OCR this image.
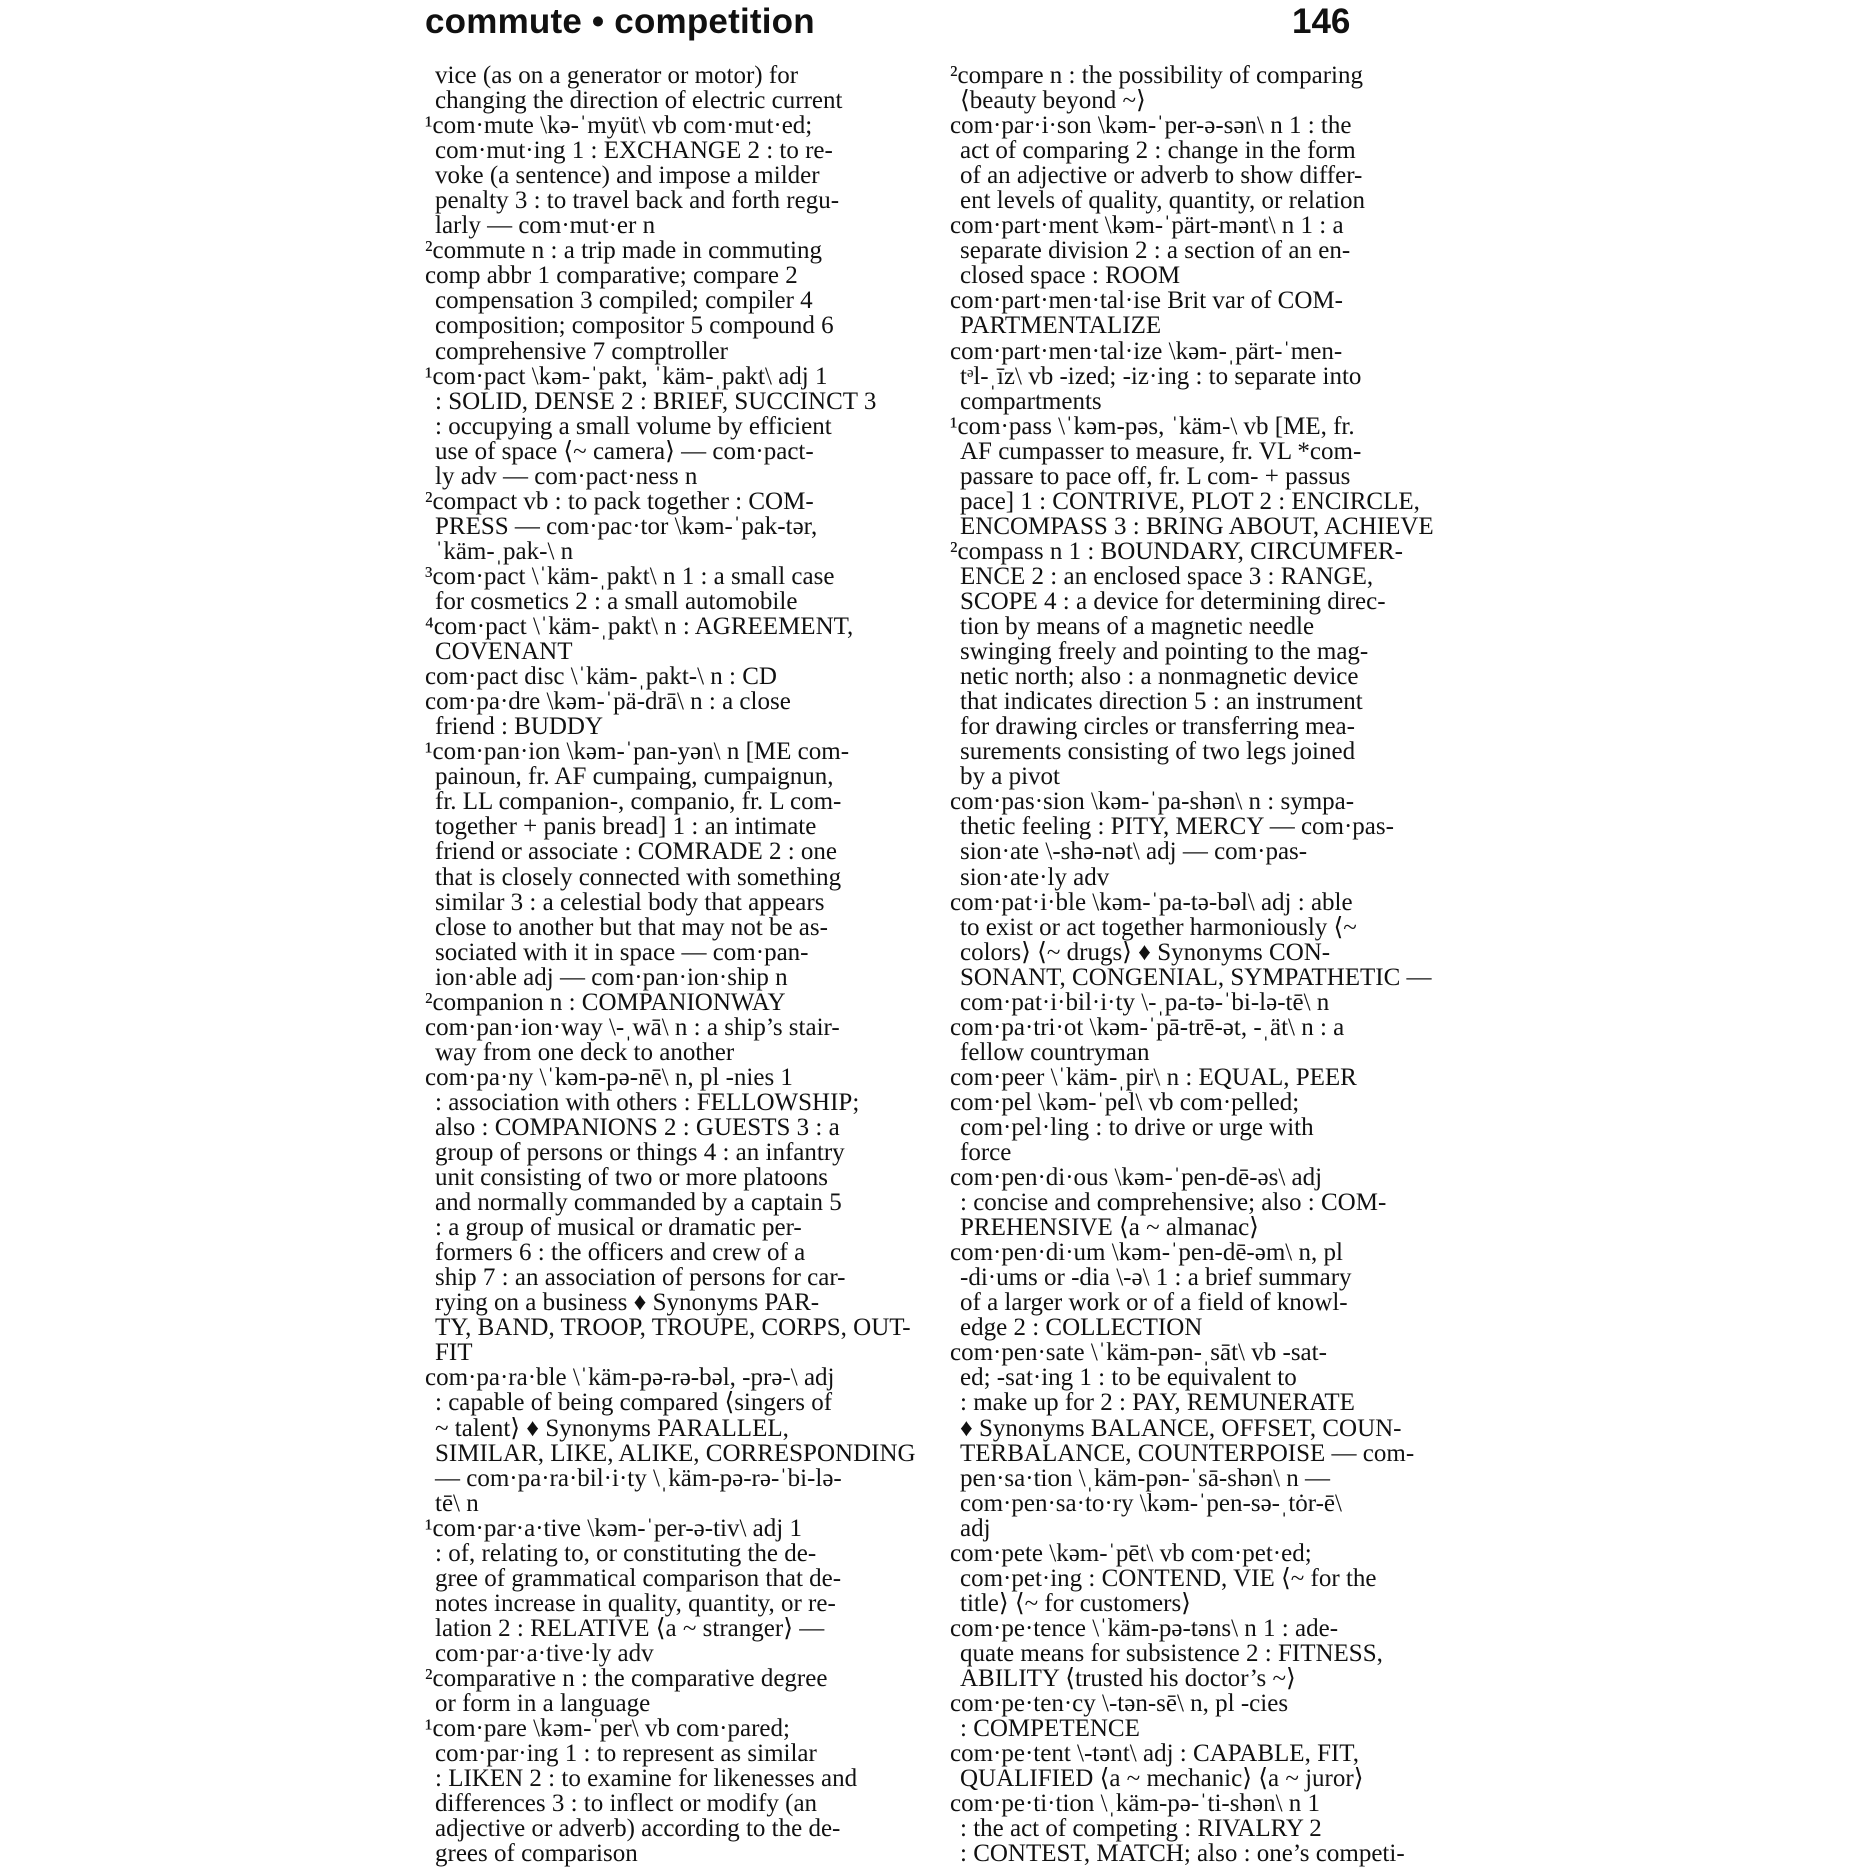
commute • competition	146
vice (as on a generator or motor) for
changing the direction of electric current
¹com·mute \kə-ˈmyüt\ vb com·mut·ed;
com·mut·ing 1 : EXCHANGE 2 : to re-
voke (a sentence) and impose a milder
penalty 3 : to travel back and forth regu-
larly — com·mut·er n
²commute n : a trip made in commuting
comp abbr 1 comparative; compare 2
compensation 3 compiled; compiler 4
composition; compositor 5 compound 6
comprehensive 7 comptroller
¹com·pact \kəm-ˈpakt, ˈkäm-ˌpakt\ adj 1
: SOLID, DENSE 2 : BRIEF, SUCCINCT 3
: occupying a small volume by efficient
use of space ⟨~ camera⟩ — com·pact-
ly adv — com·pact·ness n
²compact vb : to pack together : COM-
PRESS — com·pac·tor \kəm-ˈpak-tər,
ˈkäm-ˌpak-\ n
³com·pact \ˈkäm-ˌpakt\ n 1 : a small case
for cosmetics 2 : a small automobile
⁴com·pact \ˈkäm-ˌpakt\ n : AGREEMENT,
COVENANT
com·pact disc \ˈkäm-ˌpakt-\ n : CD
com·pa·dre \kəm-ˈpä-drā\ n : a close
friend : BUDDY
¹com·pan·ion \kəm-ˈpan-yən\ n [ME com-
painoun, fr. AF cumpaing, cumpaignun,
fr. LL companion-, companio, fr. L com-
together + panis bread] 1 : an intimate
friend or associate : COMRADE 2 : one
that is closely connected with something
similar 3 : a celestial body that appears
close to another but that may not be as-
sociated with it in space — com·pan-
ion·able adj — com·pan·ion·ship n
²companion n : COMPANIONWAY
com·pan·ion·way \-ˌwā\ n : a ship’s stair-
way from one deck to another
com·pa·ny \ˈkəm-pə-nē\ n, pl -nies 1
: association with others : FELLOWSHIP;
also : COMPANIONS 2 : GUESTS 3 : a
group of persons or things 4 : an infantry
unit consisting of two or more platoons
and normally commanded by a captain 5
: a group of musical or dramatic per-
formers 6 : the officers and crew of a
ship 7 : an association of persons for car-
rying on a business ♦ Synonyms PAR-
TY, BAND, TROOP, TROUPE, CORPS, OUT-
FIT
com·pa·ra·ble \ˈkäm-pə-rə-bəl, -prə-\ adj
: capable of being compared ⟨singers of
~ talent⟩ ♦ Synonyms PARALLEL,
SIMILAR, LIKE, ALIKE, CORRESPONDING
— com·pa·ra·bil·i·ty \ˌkäm-pə-rə-ˈbi-lə-
tē\ n
¹com·par·a·tive \kəm-ˈper-ə-tiv\ adj 1
: of, relating to, or constituting the de-
gree of grammatical comparison that de-
notes increase in quality, quantity, or re-
lation 2 : RELATIVE ⟨a ~ stranger⟩ —
com·par·a·tive·ly adv
²comparative n : the comparative degree
or form in a language
¹com·pare \kəm-ˈper\ vb com·pared;
com·par·ing 1 : to represent as similar
: LIKEN 2 : to examine for likenesses and
differences 3 : to inflect or modify (an
adjective or adverb) according to the de-
grees of comparison
²compare n : the possibility of comparing
⟨beauty beyond ~⟩
com·par·i·son \kəm-ˈper-ə-sən\ n 1 : the
act of comparing 2 : change in the form
of an adjective or adverb to show differ-
ent levels of quality, quantity, or relation
com·part·ment \kəm-ˈpärt-mənt\ n 1 : a
separate division 2 : a section of an en-
closed space : ROOM
com·part·men·tal·ise Brit var of COM-
PARTMENTALIZE
com·part·men·tal·ize \kəm-ˌpärt-ˈmen-
tᵊl-ˌīz\ vb -ized; -iz·ing : to separate into
compartments
¹com·pass \ˈkəm-pəs, ˈkäm-\ vb [ME, fr.
AF cumpasser to measure, fr. VL *com-
passare to pace off, fr. L com- + passus
pace] 1 : CONTRIVE, PLOT 2 : ENCIRCLE,
ENCOMPASS 3 : BRING ABOUT, ACHIEVE
²compass n 1 : BOUNDARY, CIRCUMFER-
ENCE 2 : an enclosed space 3 : RANGE,
SCOPE 4 : a device for determining direc-
tion by means of a magnetic needle
swinging freely and pointing to the mag-
netic north; also : a nonmagnetic device
that indicates direction 5 : an instrument
for drawing circles or transferring mea-
surements consisting of two legs joined
by a pivot
com·pas·sion \kəm-ˈpa-shən\ n : sympa-
thetic feeling : PITY, MERCY — com·pas-
sion·ate \-shə-nət\ adj — com·pas-
sion·ate·ly adv
com·pat·i·ble \kəm-ˈpa-tə-bəl\ adj : able
to exist or act together harmoniously ⟨~
colors⟩ ⟨~ drugs⟩ ♦ Synonyms CON-
SONANT, CONGENIAL, SYMPATHETIC —
com·pat·i·bil·i·ty \-ˌpa-tə-ˈbi-lə-tē\ n
com·pa·tri·ot \kəm-ˈpā-trē-ət, -ˌät\ n : a
fellow countryman
com·peer \ˈkäm-ˌpir\ n : EQUAL, PEER
com·pel \kəm-ˈpel\ vb com·pelled;
com·pel·ling : to drive or urge with
force
com·pen·di·ous \kəm-ˈpen-dē-əs\ adj
: concise and comprehensive; also : COM-
PREHENSIVE ⟨a ~ almanac⟩
com·pen·di·um \kəm-ˈpen-dē-əm\ n, pl
-di·ums or -dia \-ə\ 1 : a brief summary
of a larger work or of a field of knowl-
edge 2 : COLLECTION
com·pen·sate \ˈkäm-pən-ˌsāt\ vb -sat-
ed; -sat·ing 1 : to be equivalent to
: make up for 2 : PAY, REMUNERATE
♦ Synonyms BALANCE, OFFSET, COUN-
TERBALANCE, COUNTERPOISE — com-
pen·sa·tion \ˌkäm-pən-ˈsā-shən\ n —
com·pen·sa·to·ry \kəm-ˈpen-sə-ˌtȯr-ē\
adj
com·pete \kəm-ˈpēt\ vb com·pet·ed;
com·pet·ing : CONTEND, VIE ⟨~ for the
title⟩ ⟨~ for customers⟩
com·pe·tence \ˈkäm-pə-təns\ n 1 : ade-
quate means for subsistence 2 : FITNESS,
ABILITY ⟨trusted his doctor’s ~⟩
com·pe·ten·cy \-tən-sē\ n, pl -cies
: COMPETENCE
com·pe·tent \-tənt\ adj : CAPABLE, FIT,
QUALIFIED ⟨a ~ mechanic⟩ ⟨a ~ juror⟩
com·pe·ti·tion \ˌkäm-pə-ˈti-shən\ n 1
: the act of competing : RIVALRY 2
: CONTEST, MATCH; also : one’s competi-
